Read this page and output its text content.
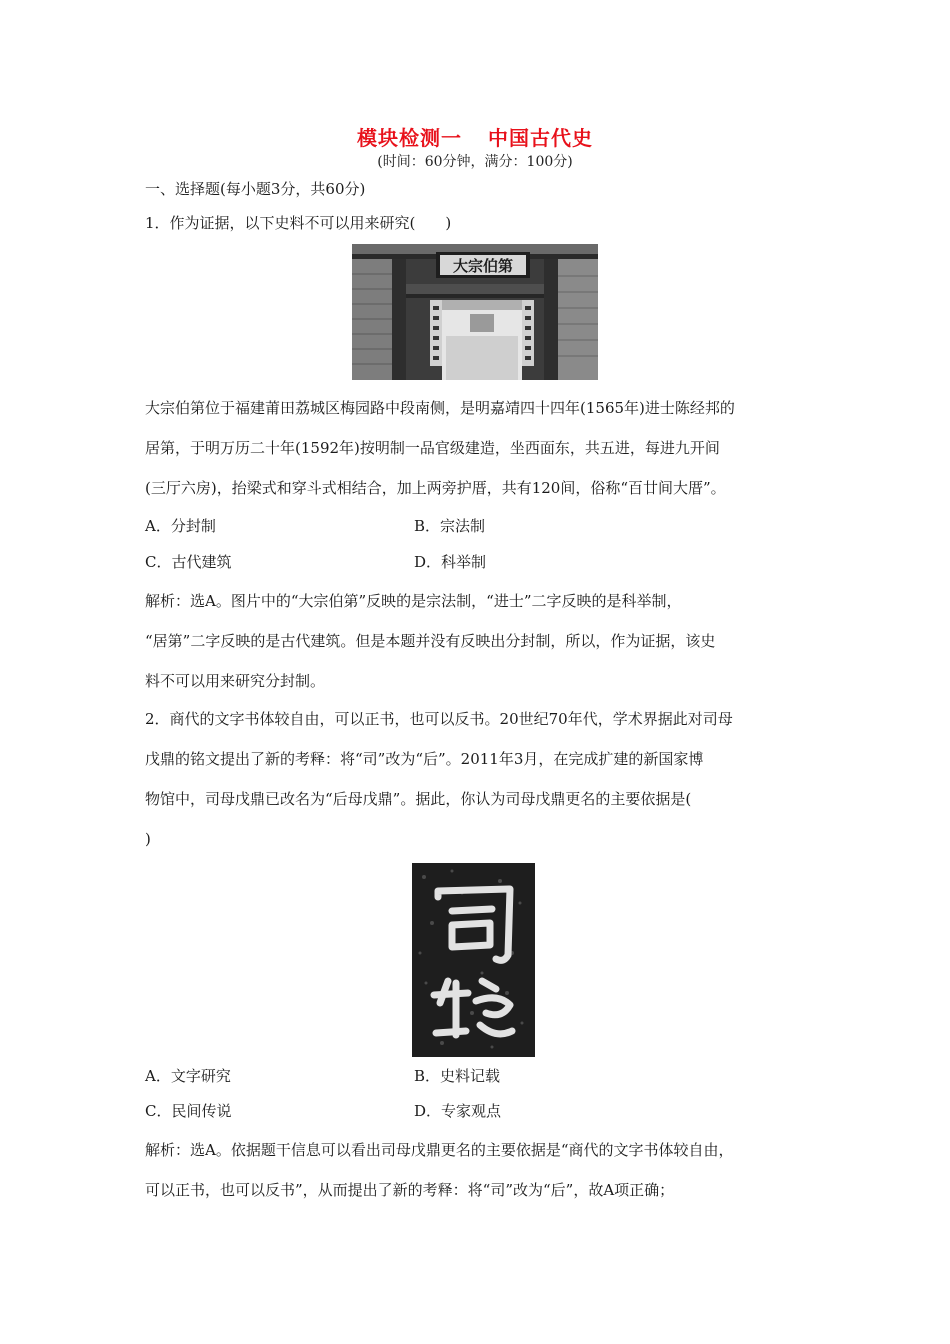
模块检测一 中国古代史
(时间：60分钟，满分：100分)
一、选择题(每小题3分，共60分)
1．作为证据，以下史料不可以用来研究(　　)
大宗伯第
大宗伯第位于福建莆田荔城区梅园路中段南侧，是明嘉靖四十四年(1565年)进士陈经邦的
居第，于明万历二十年(1592年)按明制一品官级建造，坐西面东，共五进，每进九开间
(三厅六房)，抬梁式和穿斗式相结合，加上两旁护厝，共有120间，俗称“百廿间大厝”。
A．分封制	B．宗法制
C．古代建筑	D．科举制
解析：选A。图片中的“大宗伯第”反映的是宗法制，“进士”二字反映的是科举制，
“居第”二字反映的是古代建筑。但是本题并没有反映出分封制，所以，作为证据，该史
料不可以用来研究分封制。
2．商代的文字书体较自由，可以正书，也可以反书。20世纪70年代，学术界据此对司母
戊鼎的铭文提出了新的考释：将“司”改为“后”。2011年3月，在完成扩建的新国家博
物馆中，司母戊鼎已改名为“后母戊鼎”。据此，你认为司母戊鼎更名的主要依据是(
)
A．文字研究	B．史料记载
C．民间传说	D．专家观点
解析：选A。依据题干信息可以看出司母戊鼎更名的主要依据是“商代的文字书体较自由，
可以正书，也可以反书”，从而提出了新的考释：将“司”改为“后”，故A项正确；
